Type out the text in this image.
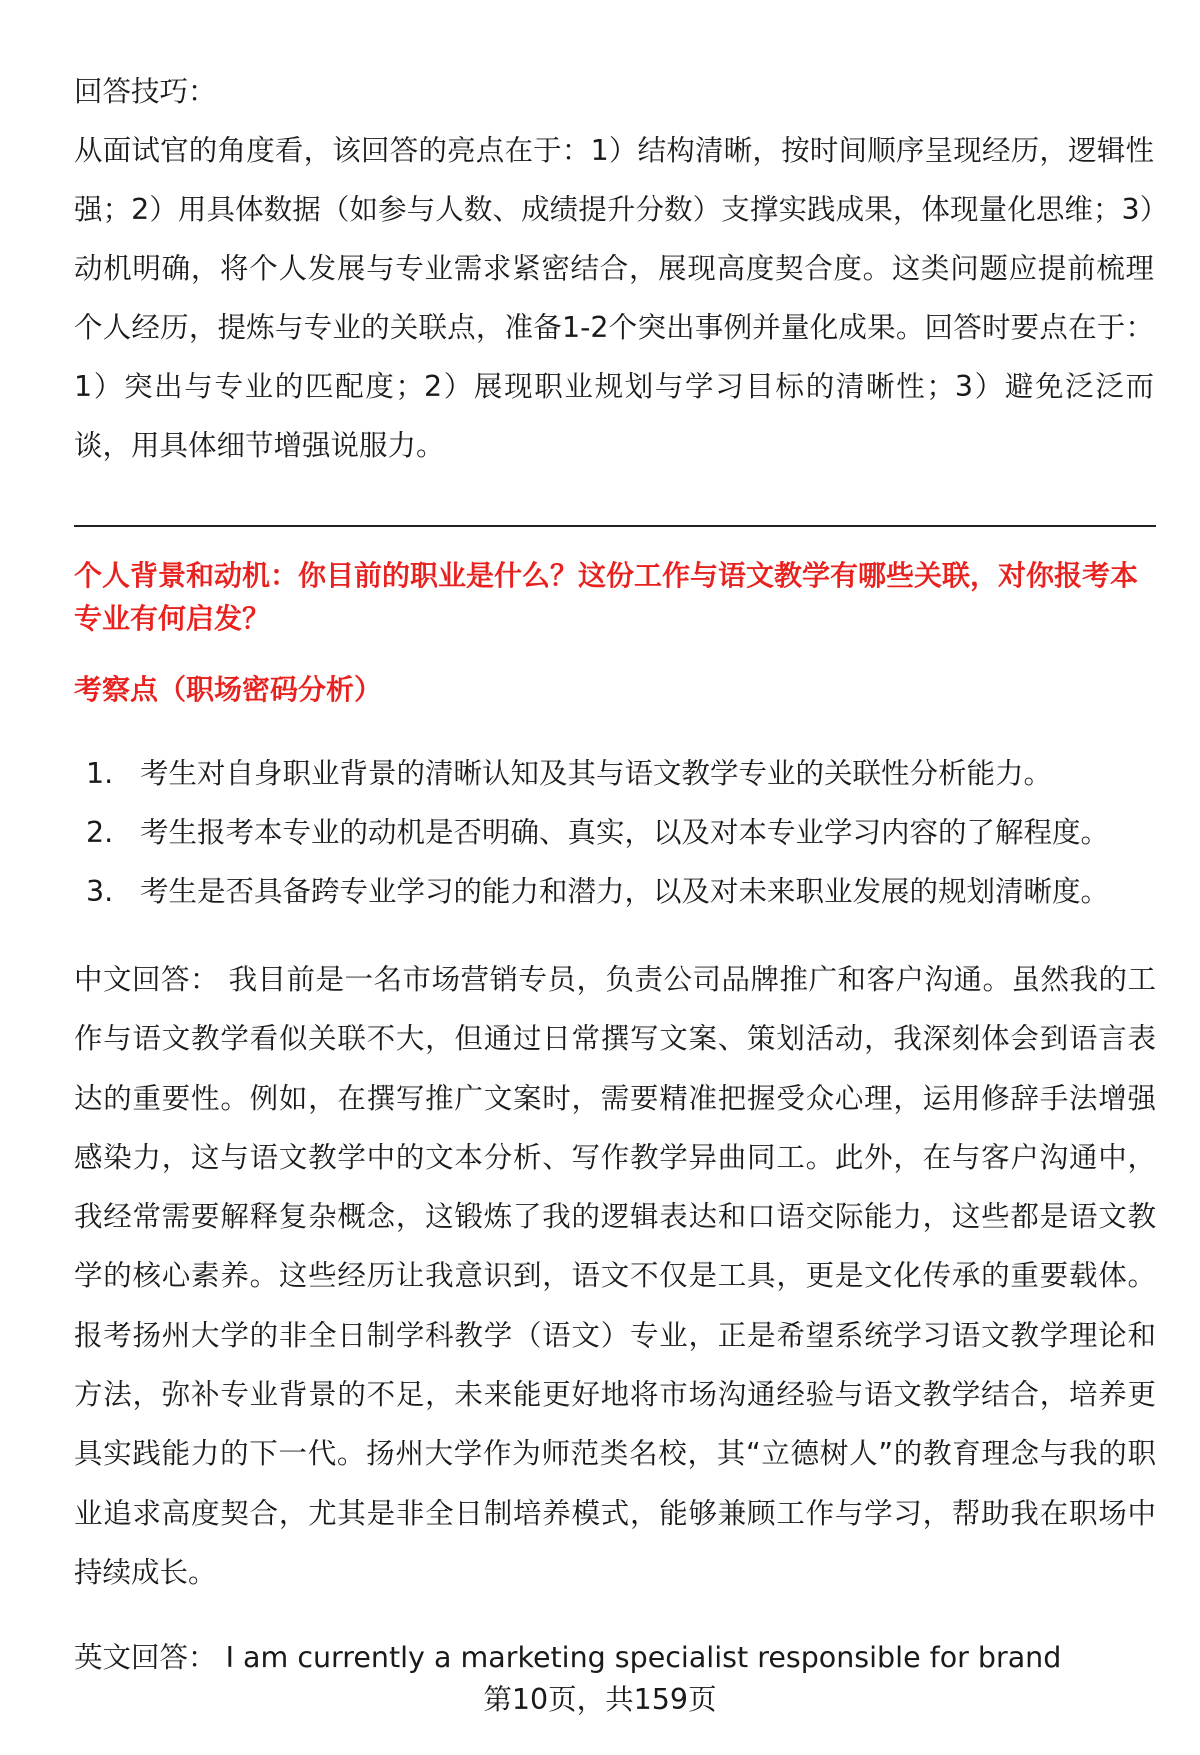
回答技巧：

从面试官的角度看，该回答的亮点在于：1）结构清晰，按时间顺序呈现经历，逻辑性强；2）用具体数据（如参与人数、成绩提升分数）支撑实践成果，体现量化思维；3）动机明确，将个人发展与专业需求紧密结合，展现高度契合度。这类问题应提前梳理个人经历，提炼与专业的关联点，准备1-2个突出事例并量化成果。回答时要点在于：1）突出与专业的匹配度；2）展现职业规划与学习目标的清晰性；3）避免泛泛而谈，用具体细节增强说服力。

个人背景和动机：你目前的职业是什么？这份工作与语文教学有哪些关联，对你报考本专业有何启发？

考察点（职场密码分析）

1. 考生对自身职业背景的清晰认知及其与语文教学专业的关联性分析能力。
2. 考生报考本专业的动机是否明确、真实，以及对本专业学习内容的了解程度。
3. 考生是否具备跨专业学习的能力和潜力，以及对未来职业发展的规划清晰度。

中文回答： 我目前是一名市场营销专员，负责公司品牌推广和客户沟通。虽然我的工作与语文教学看似关联不大，但通过日常撰写文案、策划活动，我深刻体会到语言表达的重要性。例如，在撰写推广文案时，需要精准把握受众心理，运用修辞手法增强感染力，这与语文教学中的文本分析、写作教学异曲同工。此外，在与客户沟通中，我经常需要解释复杂概念，这锻炼了我的逻辑表达和口语交际能力，这些都是语文教学的核心素养。这些经历让我意识到，语文不仅是工具，更是文化传承的重要载体。报考扬州大学的非全日制学科教学（语文）专业，正是希望系统学习语文教学理论和方法，弥补专业背景的不足，未来能更好地将市场沟通经验与语文教学结合，培养更具实践能力的下一代。扬州大学作为师范类名校，其“立德树人”的教育理念与我的职业追求高度契合，尤其是非全日制培养模式，能够兼顾工作与学习，帮助我在职场中持续成长。

英文回答： I am currently a marketing specialist responsible for brand

第10页，共159页
